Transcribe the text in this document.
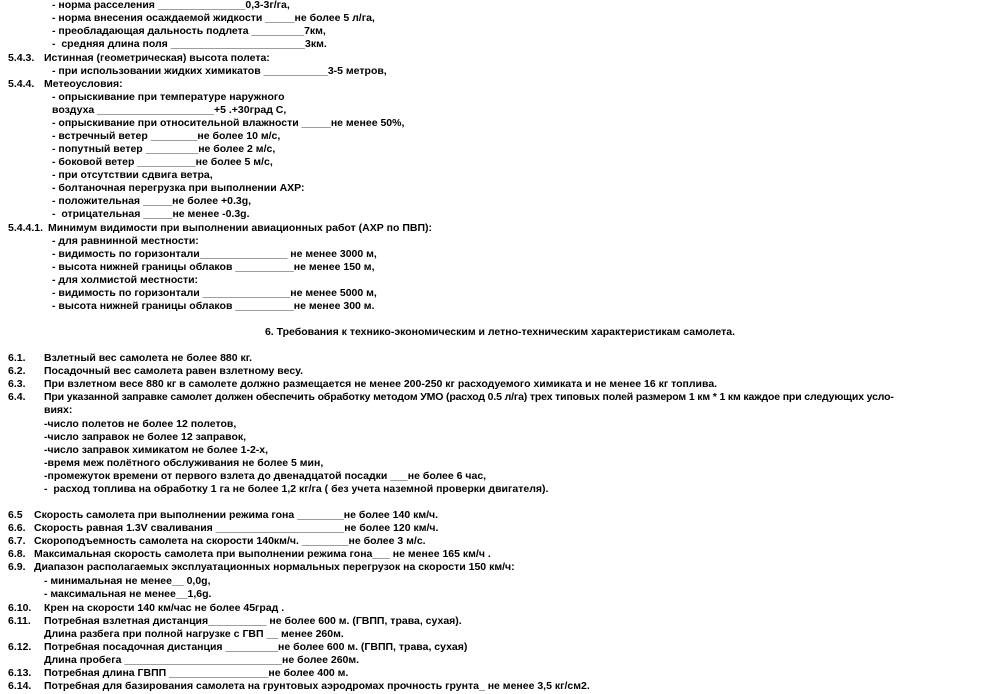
- норма расселения _______________0,3-3г/га,
- норма внесения осаждаемой жидкости _____не более 5 л/га,
- преобладающая дальность подлета _________7км,
-  средняя длина поля _______________________3км.
5.4.3. Истинная (геометрическая) высота полета:
- при использовании жидких химикатов ___________3-5 метров,
5.4.4. Метеоусловия:
- опрыскивание при температуре наружного
воздуха ____________________+5 .+30град С,
- опрыскивание при относительной влажности _____не менее 50%,
- встречный ветер ________не более 10 м/с,
- попутный ветер _________не более 2 м/с,
- боковой ветер __________не более 5 м/с,
- при отсутствии сдвига ветра,
- болтаночная перегрузка при выполнении АХР:
- положительная _____не более +0.3g,
-  отрицательная _____не менее -0.3g.
5.4.4.1. Минимум видимости при выполнении авиационных работ (АХР по ПВП):
- для равнинной местности:
- видимость по горизонтали_______________ не менее 3000 м,
- высота нижней границы облаков __________не менее 150 м,
- для холмистой местности:
- видимость по горизонтали _______________не менее 5000 м,
- высота нижней границы облаков __________не менее 300 м.
6. Требования к технико-экономическим и летно-техническим характеристикам самолета.
6.1. Взлетный вес самолета не более 880 кг.
6.2. Посадочный вес самолета равен взлетному весу.
6.3. При взлетном весе 880 кг в самолете должно размещается не менее 200-250 кг расходуемого химиката и не менее 16 кг топлива.
6.4. При указанной заправке самолет должен обеспечить обработку методом УМО (расход 0.5 л/га) трех типовых полей размером 1 км * 1 км каждое при следующих усло-
виях:
-число полетов не более 12 полетов,
-число заправок не более 12 заправок,
-число заправок химикатом не более 1-2-х,
-время меж полётного обслуживания не более 5 мин,
-промежуток времени от первого взлета до двенадцатой посадки ___не более 6 час,
-  расход топлива на обработку 1 га не более 1,2 кг/га ( без учета наземной проверки двигателя).
6.5 Скорость самолета при выполнении режима гона ________не более 140 км/ч.
6.6. Скорость равная 1.3V сваливания ______________________не более 120 км/ч.
6.7. Скороподъемность самолета на скорости 140км/ч. ________не более 3 м/с.
6.8. Максимальная скорость самолета при выполнении режима гона___ не менее 165 км/ч .
6.9. Диапазон располагаемых эксплуатационных нормальных перегрузок на скорости 150 км/ч:
- минимальная не менее__ 0,0g,
- максимальная не менее__1,6g.
6.10. Крен на скорости 140 км/час не более 45град .
6.11. Потребная взлетная дистанция__________ не более 600 м. (ГВПП, трава, сухая).
Длина разбега при полной нагрузке с ГВП __ менее 260м.
6.12. Потребная посадочная дистанция _________не более 600 м. (ГВПП, трава, сухая)
Длина пробега ___________________________не более 260м.
6.13. Потребная длина ГВПП _________________не более 400 м.
6.14. Потребная для базирования самолета на грунтовых аэродромах прочность грунта_ не менее 3,5 кг/см2.
